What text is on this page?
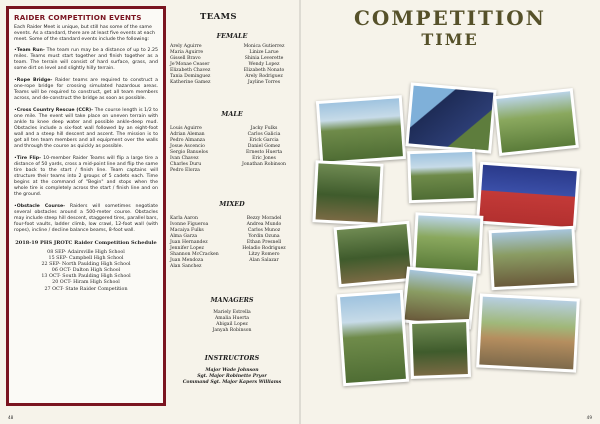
RAIDER COMPETITION EVENTS

Each Raider Meet is unique, but still has some of the same events. As a standard, there are at least five events at each meet. Some of the standard events include the following:

•Team Run- The team run may be a distance of up to 2.25 miles. Teams must start together and finish together as a team. The terrain will consist of hard surface, grass, and some dirt on level and slightly hilly terrain.

•Rope Bridge- Raider teams are required to construct a one-rope bridge for crossing simulated hazardous areas. Teams will be required to construct, get all team members across, and de-construct the bridge as soon as possible.

•Cross Country Rescue (CCR)- The course length is 1/2 to one mile. The event will take place on uneven terrain with ankle to knee deep water and possible ankle-deep mud. Obstacles include a six-foot wall followed by an eight-foot wall and a steep hill descent and ascent. The mission is to get all ten team members and all equipment over the walls and through the course as quickly as possible.

•Tire Flip- 10-member Raider Teams will flip a large tire a distance of 50 yards, cross a mid-point line and flip the same tire back to the start / finish line. Team captains will structure their teams into 2 groups of 5 cadets each. Time begins at the command of "Begin" and stops when the whole tire is completely across the start / finish line and on the ground.

•Obstacle Course- Raiders will sometimes negotiate several obstacles around a 500-meter course. Obstacles may include steep hill descent, staggered tires, parallel bars, four-foot vaults, ladder climb, low crawl, 12-foot wall (with ropes), incline / decline balance beams, 8-foot wall.

2018-19 PHS JROTC Raider Competition Schedule

08 SEP- Adairsville High School
15 SEP- Campbell High School
22 SEP- North Paulding High School
06 OCT- Dalton High School
13 OCT- South Paulding High School
20 OCT- Hiram High School
27 OCT- State Raider Competition
TEAMS
FEMALE
Arely Aguirre
Maria Aguirre
Gissell Bravo
Je'Monae Ceaser
Elizabeth Chavez
Tania Dominguez
Katherine Gamez
Monica Gutierrez
Linize Larue
Shinia Leverette
Wendy Lopez
Elizabeth Nonato
Arely Rodriguez
Jayline Torres
MALE
Louis Aguirre
Adrian Aleman
Pedro Almanza
Josue Ascencio
Sergio Banuelos
Ivan Chavez
Charles Duru
Pedro Elorza
Jacky Fulks
Carlos Galicia
Erick Garcia
Daniel Gomez
Ernesto Huerta
Eric Jones
Jonathan Robinson
MIXED
Karla Aaron
Ivonne Figueroa
Macaiya Fulks
Alma Garza
Juan Hernandez
Jennifer Lopez
Shannon McCracken
Juan Mendoza
Alan Sanchez
Bezzy Moradel
Andrea Mundo
Carlos Munoz
Yordin Ozuna
Ethan Presnell
Heladio Rodriguez
Litzy Romero
Alan Salazar
MANAGERS
Mariely Estrella
Amalia Huerta
Abigail Lopez
Janyah Robinson
INSTRUCTORS
Major Wade Johnson
Sgt. Major Robinette Pryor
Command Sgt. Major Kapers Williams
48
COMPETITION
TIME
49
